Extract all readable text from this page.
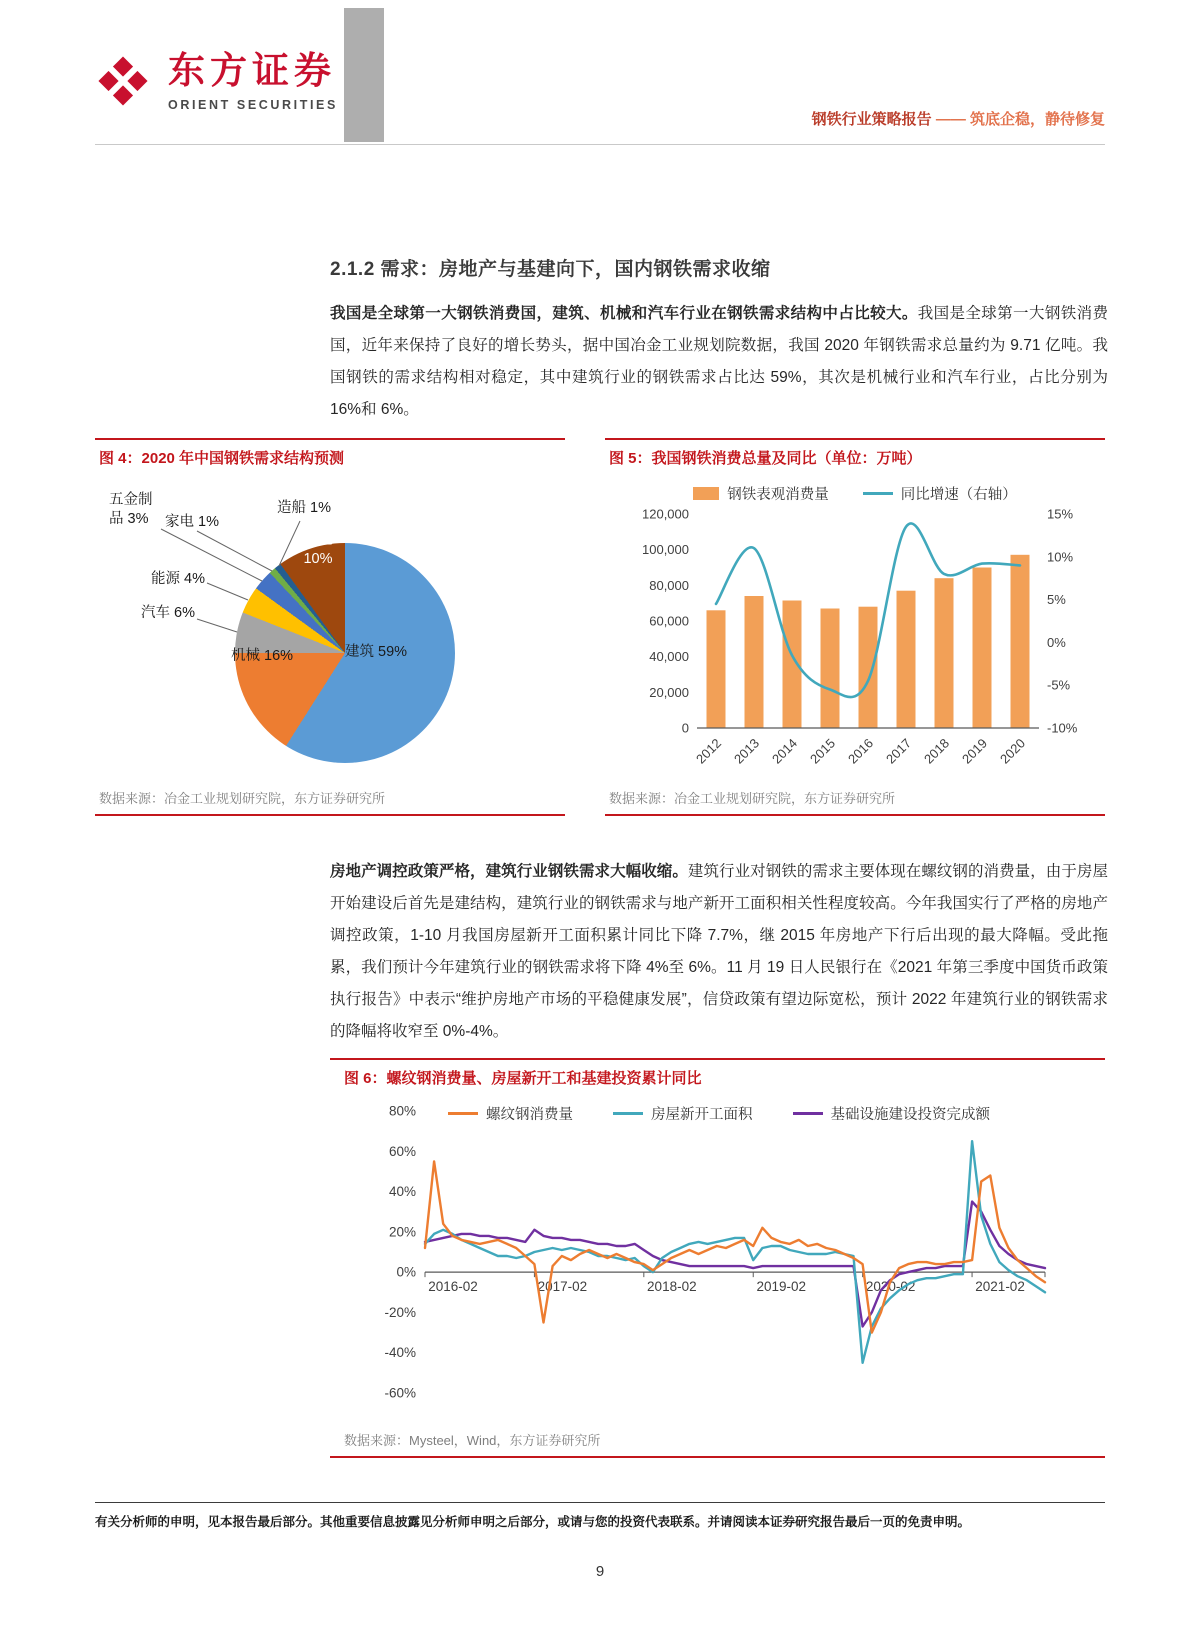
东方证券
ORIENT SECURITIES
钢铁行业策略报告 —— 筑底企稳，静待修复
2.1.2 需求：房地产与基建向下，国内钢铁需求收缩
我国是全球第一大钢铁消费国，建筑、机械和汽车行业在钢铁需求结构中占比较大。我国是全球第一大钢铁消费国，近年来保持了良好的增长势头，据中国冶金工业规划院数据，我国 2020 年钢铁需求总量约为 9.71 亿吨。我国钢铁的需求结构相对稳定，其中建筑行业的钢铁需求占比达 59%，其次是机械行业和汽车行业，占比分别为 16%和 6%。
图 4：2020 年中国钢铁需求结构预测
建筑 59%
机械 16%
汽车 6%
能源 4%
五金制品 3%	家电 1%
造船 1%
其他 10%
数据来源：冶金工业规划研究院，东方证券研究所
图 5：我国钢铁消费总量及同比（单位：万吨）
钢铁表观消费量	同比增速（右轴）
0
20,000
40,000
60,000
80,000
100,000
120,000
-10%
-5%
0%
5%
10%
15%
2012 2013 2014 2015 2016 2017 2018 2019 2020
数据来源：冶金工业规划研究院，东方证券研究所
房地产调控政策严格，建筑行业钢铁需求大幅收缩。建筑行业对钢铁的需求主要体现在螺纹钢的消费量，由于房屋开始建设后首先是建结构，建筑行业的钢铁需求与地产新开工面积相关性程度较高。今年我国实行了严格的房地产调控政策，1-10 月我国房屋新开工面积累计同比下降 7.7%，继 2015 年房地产下行后出现的最大降幅。受此拖累，我们预计今年建筑行业的钢铁需求将下降 4%至 6%。11 月 19 日人民银行在《2021 年第三季度中国货币政策执行报告》中表示“维护房地产市场的平稳健康发展”，信贷政策有望边际宽松，预计 2022 年建筑行业的钢铁需求的降幅将收窄至 0%-4%。
图 6：螺纹钢消费量、房屋新开工和基建投资累计同比
螺纹钢消费量	房屋新开工面积	基础设施建设投资完成额
-60%
-40%
-20%
0%
20%
40%
60%
80%
2016-02	2017-02	2018-02	2019-02	2020-02	2021-02
数据来源：Mysteel，Wind，东方证券研究所
有关分析师的申明，见本报告最后部分。其他重要信息披露见分析师申明之后部分，或请与您的投资代表联系。并请阅读本证券研究报告最后一页的免责申明。
9
